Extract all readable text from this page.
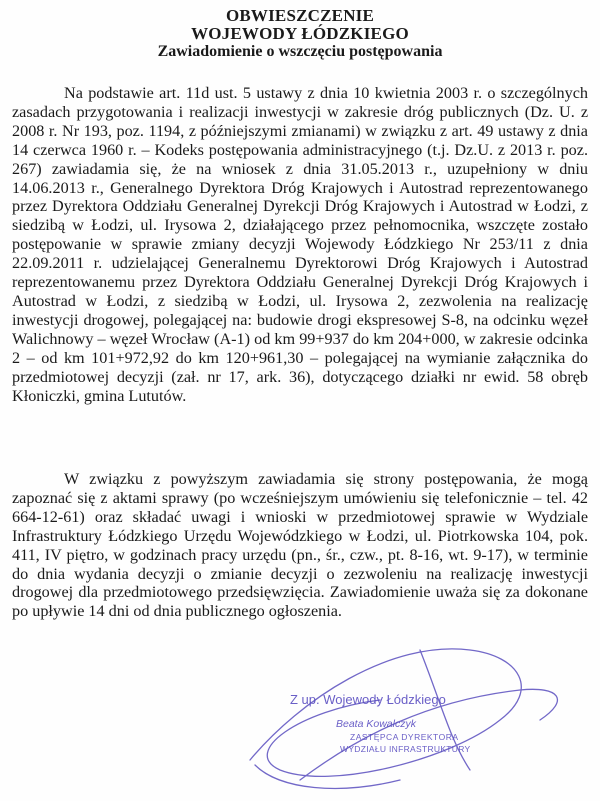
OBWIESZCZENIE
WOJEWODY ŁÓDZKIEGO
Zawiadomienie o wszczęciu postępowania

Na podstawie art. 11d ust. 5 ustawy z dnia 10 kwietnia 2003 r. o szczególnych zasadach przygotowania i realizacji inwestycji w zakresie dróg publicznych (Dz. U. z 2008 r. Nr 193, poz. 1194, z późniejszymi zmianami) w związku z art. 49 ustawy z dnia 14 czerwca 1960 r. – Kodeks postępowania administracyjnego (t.j. Dz.U. z 2013 r. poz. 267) zawiadamia się, że na wniosek z dnia 31.05.2013 r., uzupełniony w dniu 14.06.2013 r., Generalnego Dyrektora Dróg Krajowych i Autostrad reprezentowanego przez Dyrektora Oddziału Generalnej Dyrekcji Dróg Krajowych i Autostrad w Łodzi, z siedzibą w Łodzi, ul. Irysowa 2, działającego przez pełnomocnika, wszczęte zostało postępowanie w sprawie zmiany decyzji Wojewody Łódzkiego Nr 253/11 z dnia 22.09.2011 r. udzielającej Generalnemu Dyrektorowi Dróg Krajowych i Autostrad reprezentowanemu przez Dyrektora Oddziału Generalnej Dyrekcji Dróg Krajowych i Autostrad w Łodzi, z siedzibą w Łodzi, ul. Irysowa 2, zezwolenia na realizację inwestycji drogowej, polegającej na: budowie drogi ekspresowej S-8, na odcinku węzeł Walichnowy – węzeł Wrocław (A-1) od km 99+937 do km 204+000, w zakresie odcinka 2 – od km 101+972,92 do km 120+961,30 – polegającej na wymianie załącznika do przedmiotowej decyzji (zał. nr 17, ark. 36), dotyczącego działki nr ewid. 58 obręb Kłoniczki, gmina Lututów.

W związku z powyższym zawiadamia się strony postępowania, że mogą zapoznać się z aktami sprawy (po wcześniejszym umówieniu się telefonicznie – tel. 42 664-12-61) oraz składać uwagi i wnioski w przedmiotowej sprawie w Wydziale Infrastruktury Łódzkiego Urzędu Wojewódzkiego w Łodzi, ul. Piotrkowska 104, pok. 411, IV piętro, w godzinach pracy urzędu (pn., śr., czw., pt. 8-16, wt. 9-17), w terminie do dnia wydania decyzji o zmianie decyzji o zezwoleniu na realizację inwestycji drogowej dla przedmiotowego przedsięwzięcia. Zawiadomienie uważa się za dokonane po upływie 14 dni od dnia publicznego ogłoszenia.

Z up. Wojewody Łódzkiego
Beata Kowalczyk
ZASTĘPCA DYREKTORA
WYDZIAŁU INFRASTRUKTURY
